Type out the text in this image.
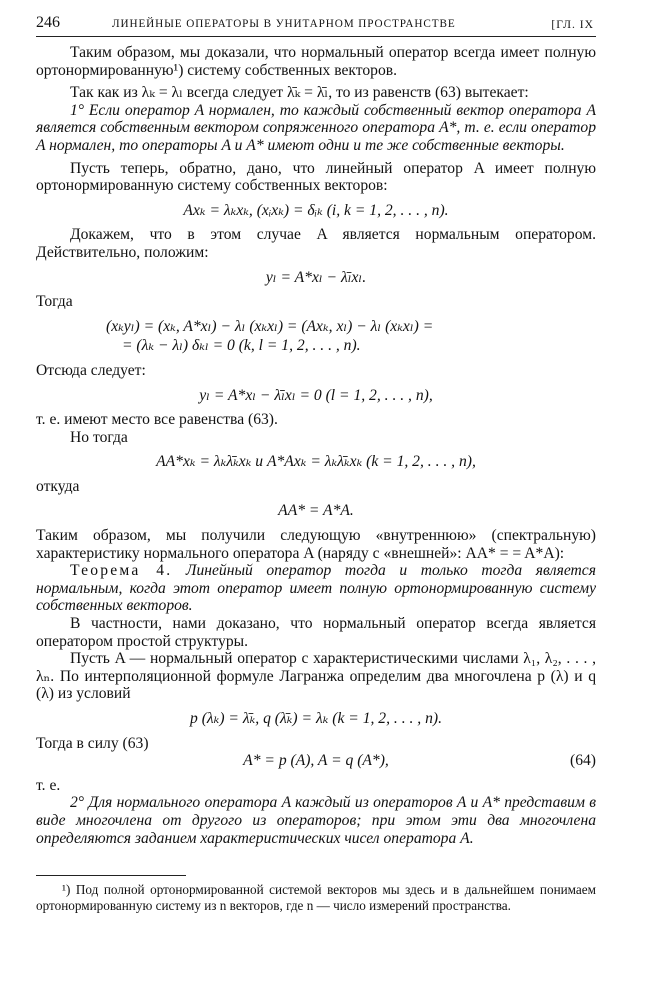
246	ЛИНЕЙНЫЕ ОПЕРАТОРЫ В УНИТАРНОМ ПРОСТРАНСТВЕ	[ГЛ. IX

Таким образом, мы доказали, что нормальный оператор всегда имеет полную ортонормированную¹) систему собственных векторов.

Так как из λₖ = λₗ всегда следует λ̄ₖ = λ̄ₗ, то из равенств (63) вытекает:

1° Если оператор A нормален, то каждый собственный вектор оператора A является собственным вектором сопряженного оператора A*, т. е. если оператор A нормален, то операторы A и A* имеют одни и те же собственные векторы.

Пусть теперь, обратно, дано, что линейный оператор A имеет полную ортонормированную систему собственных векторов:

Axₖ = λₖxₖ, (xᵢxₖ) = δᵢₖ (i, k = 1, 2, . . . , n).

Докажем, что в этом случае A является нормальным оператором. Действительно, положим:

yₗ = A*xₗ − λ̄ₗxₗ.

Тогда

(xₖyₗ) = (xₖ, A*xₗ) − λₗ (xₖxₗ) = (Axₖ, xₗ) − λₗ (xₖxₗ) =
= (λₖ − λₗ) δₖₗ = 0 (k, l = 1, 2, . . . , n).

Отсюда следует:

yₗ = A*xₗ − λ̄ₗxₗ = 0 (l = 1, 2, . . . , n),

т. е. имеют место все равенства (63).

Но тогда

AA*xₖ = λₖλ̄ₖxₖ и A*Axₖ = λₖλ̄ₖxₖ (k = 1, 2, . . . , n),

откуда

AA* = A*A.

Таким образом, мы получили следующую «внутреннюю» (спектральную) характеристику нормального оператора A (наряду с «внешней»: AA* = = A*A):

Теорема 4. Линейный оператор тогда и только тогда является нормальным, когда этот оператор имеет полную ортонормированную систему собственных векторов.

В частности, нами доказано, что нормальный оператор всегда является оператором простой структуры.

Пусть A — нормальный оператор с характеристическими числами λ₁, λ₂, . . . , λₙ. По интерполяционной формуле Лагранжа определим два многочлена p (λ) и q (λ) из условий

p (λₖ) = λ̄ₖ, q (λ̄ₖ) = λₖ (k = 1, 2, . . . , n).

Тогда в силу (63)

A* = p (A), A = q (A*),	(64)

т. е.

2° Для нормального оператора A каждый из операторов A и A* представим в виде многочлена от другого из операторов; при этом эти два многочлена определяются заданием характеристических чисел оператора A.

¹) Под полной ортонормированной системой векторов мы здесь и в дальнейшем понимаем ортонормированную систему из n векторов, где n — число измерений пространства.
